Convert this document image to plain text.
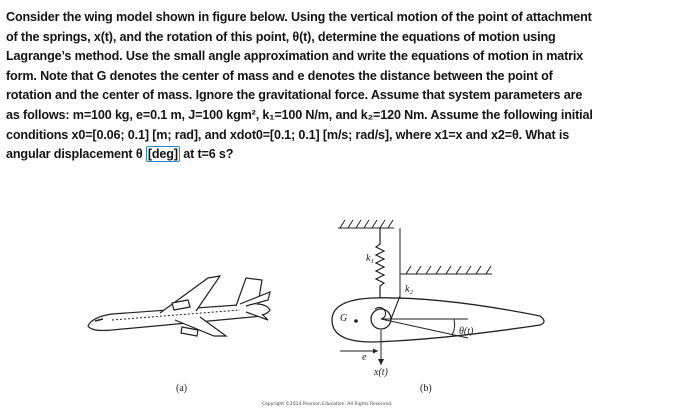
Consider the wing model shown in figure below. Using the vertical motion of the point of attachment
of the springs, x(t), and the rotation of this point, θ(t), determine the equations of motion using
Lagrange’s method. Use the small angle approximation and write the equations of motion in matrix
form. Note that G denotes the center of mass and e denotes the distance between the point of
rotation and the center of mass. Ignore the gravitational force. Assume that system parameters are
as follows: m=100 kg, e=0.1 m, J=100 kgm², k₁=100 N/m, and k₂=120 Nm. Assume the following initial
conditions x0=[0.06; 0.1] [m; rad], and xdot0=[0.1; 0.1] [m/s; rad/s], where x1=x and x2=θ. What is
angular displacement θ [deg] at t=6 s?
k₁
k₂
G
θ(t)
e
x(t)
(a)	(b)
Copyright ©2014 Pearson Education. All Rights Reserved.
